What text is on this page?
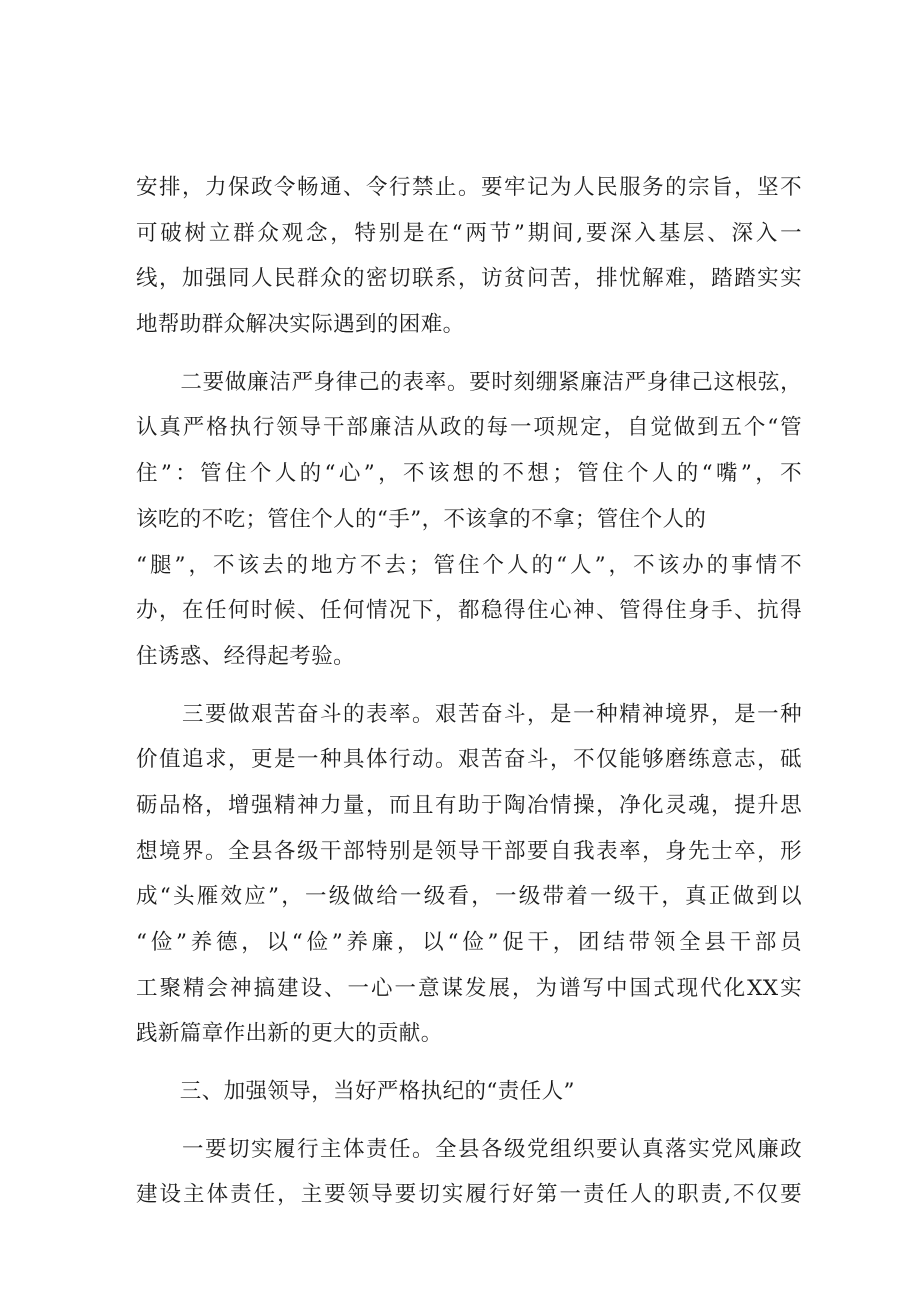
安排，力保政令畅通、令行禁止。要牢记为人民服务的宗旨，坚不
可破树立群众观念，特别是在“两节”期间,要深入基层、深入一
线，加强同人民群众的密切联系，访贫问苦，排忧解难，踏踏实实
地帮助群众解决实际遇到的困难。
　　二要做廉洁严身律己的表率。要时刻绷紧廉洁严身律己这根弦，
认真严格执行领导干部廉洁从政的每一项规定，自觉做到五个“管
住”：管住个人的“心”，不该想的不想；管住个人的“嘴”，不
该吃的不吃；管住个人的“手”，不该拿的不拿；管住个人的
“腿”，不该去的地方不去；管住个人的“人”，不该办的事情不
办，在任何时候、任何情况下，都稳得住心神、管得住身手、抗得
住诱惑、经得起考验。
　　三要做艰苦奋斗的表率。艰苦奋斗，是一种精神境界，是一种
价值追求，更是一种具体行动。艰苦奋斗，不仅能够磨练意志，砥
砺品格，增强精神力量，而且有助于陶冶情操，净化灵魂，提升思
想境界。全县各级干部特别是领导干部要自我表率，身先士卒，形
成“头雁效应”，一级做给一级看，一级带着一级干，真正做到以
“俭”养德，以“俭”养廉，以“俭”促干，团结带领全县干部员
工聚精会神搞建设、一心一意谋发展，为谱写中国式现代化XX实
践新篇章作出新的更大的贡献。
　　三、加强领导，当好严格执纪的“责任人”
　　一要切实履行主体责任。全县各级党组织要认真落实党风廉政
建设主体责任，主要领导要切实履行好第一责任人的职责,不仅要
